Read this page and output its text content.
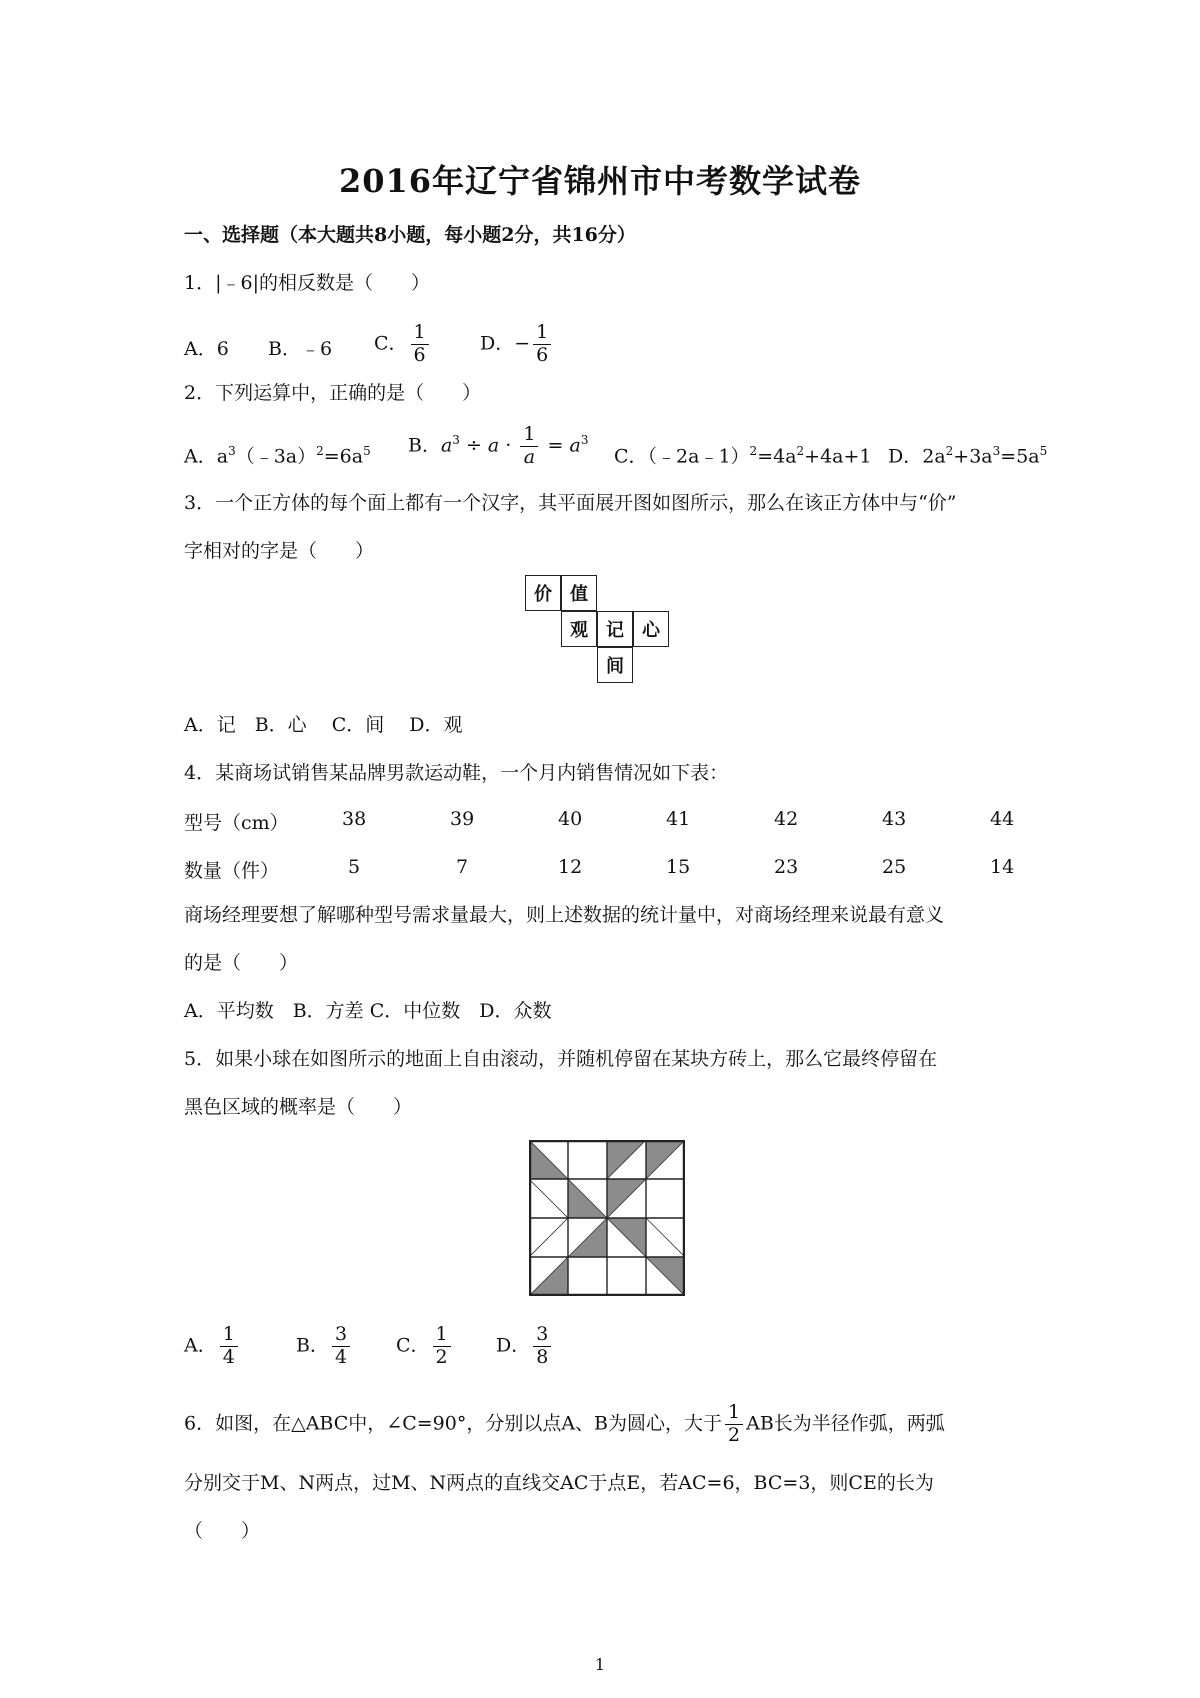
2016年辽宁省锦州市中考数学试卷
一、选择题（本大题共8小题，每小题2分，共16分）
1．|﹣6|的相反数是（　　）
A．6 B．﹣6 C． $\frac{1}{6}$	D．− $\frac{1}{6}$
2．下列运算中，正确的是（　　）
A．$a^3(﹣3a)^2=6a^5$ B．$a^3 \div a \cdot \frac{1}{a} = a^3$
C．$(﹣2a﹣1)^2=4a^2+4a+1$ D．$2a^2+3a^3=5a^5$
3．一个正方体的每个面上都有一个汉字，其平面展开图如图所示，那么在该正方体中与“价”
字相对的字是（　　）
价	值
观	记	心
间
A．记　B．心　 C．间　 D．观
4．某商场试销售某品牌男款运动鞋，一个月内销售情况如下表：
型号（cm）	38	39	40	41	42	43	44
数量（件）	5	7	12	15	23	25	14
商场经理要想了解哪种型号需求量最大，则上述数据的统计量中，对商场经理来说最有意义
的是（　　）
A．平均数　B．方差 C．中位数　D．众数
5．如果小球在如图所示的地面上自由滚动，并随机停留在某块方砖上，那么它最终停留在
黑色区域的概率是（　　）
A． $\frac{1}{4}$	B． $\frac{3}{4}$ C． $\frac{1}{2}$ D． $\frac{3}{8}$
6．如图，在△ABC中，∠C=90°，分别以点A、B为圆心，大于 $\frac{1}{2}$ AB长为半径作弧，两弧
分别交于M、N两点，过M、N两点的直线交AC于点E，若AC=6，BC=3，则CE的长为
（　　）
1
